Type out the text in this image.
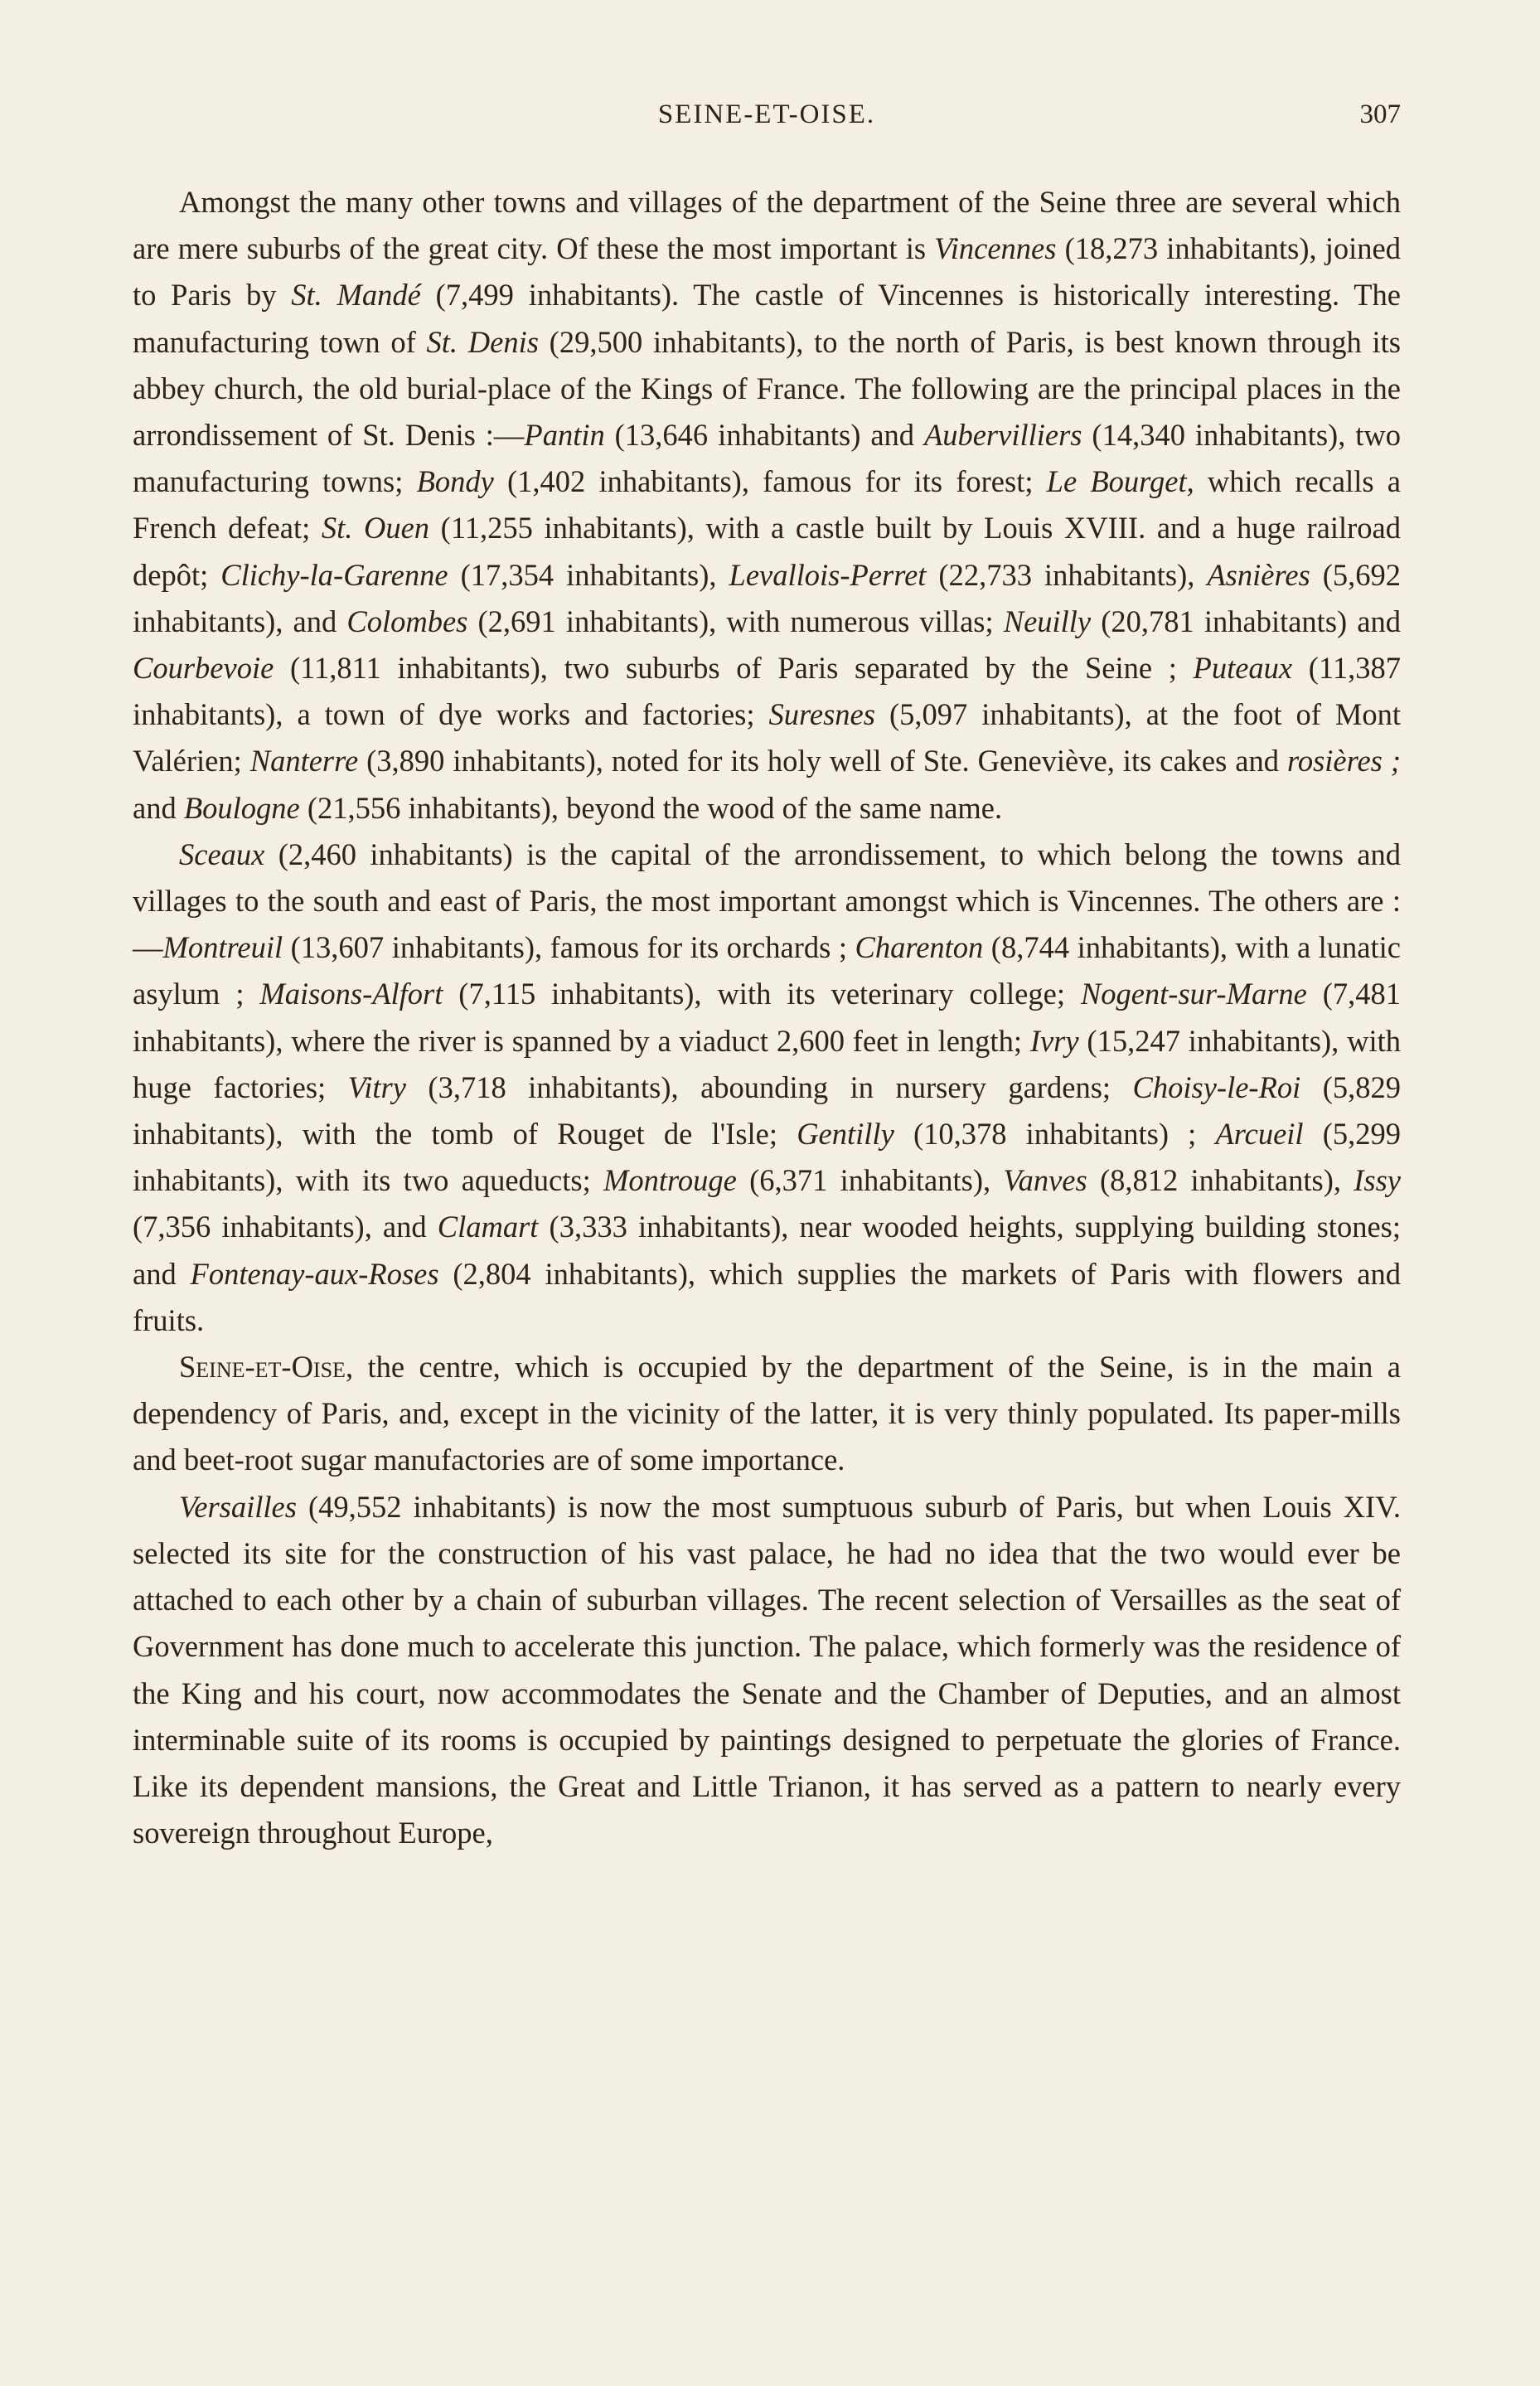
SEINE-ET-OISE.	307

Amongst the many other towns and villages of the department of the Seine three are several which are mere suburbs of the great city. Of these the most important is Vincennes (18,273 inhabitants), joined to Paris by St. Mandé (7,499 inhabitants). The castle of Vincennes is historically interesting. The manufacturing town of St. Denis (29,500 inhabitants), to the north of Paris, is best known through its abbey church, the old burial-place of the Kings of France. The following are the principal places in the arrondissement of St. Denis :—Pantin (13,646 inhabitants) and Aubervilliers (14,340 inhabitants), two manufacturing towns; Bondy (1,402 inhabitants), famous for its forest; Le Bourget, which recalls a French defeat; St. Ouen (11,255 inhabitants), with a castle built by Louis XVIII. and a huge railroad depôt; Clichy-la-Garenne (17,354 inhabitants), Levallois-Perret (22,733 inhabitants), Asnières (5,692 inhabitants), and Colombes (2,691 inhabitants), with numerous villas; Neuilly (20,781 inhabitants) and Courbevoie (11,811 inhabitants), two suburbs of Paris separated by the Seine ; Puteaux (11,387 inhabitants), a town of dye works and factories; Suresnes (5,097 inhabitants), at the foot of Mont Valérien; Nanterre (3,890 inhabitants), noted for its holy well of Ste. Geneviève, its cakes and rosières ; and Boulogne (21,556 inhabitants), beyond the wood of the same name.

Sceaux (2,460 inhabitants) is the capital of the arrondissement, to which belong the towns and villages to the south and east of Paris, the most important amongst which is Vincennes. The others are :—Montreuil (13,607 inhabitants), famous for its orchards ; Charenton (8,744 inhabitants), with a lunatic asylum ; Maisons-Alfort (7,115 inhabitants), with its veterinary college; Nogent-sur-Marne (7,481 inhabitants), where the river is spanned by a viaduct 2,600 feet in length; Ivry (15,247 inhabitants), with huge factories; Vitry (3,718 inhabitants), abounding in nursery gardens; Choisy-le-Roi (5,829 inhabitants), with the tomb of Rouget de l'Isle; Gentilly (10,378 inhabitants) ; Arcueil (5,299 inhabitants), with its two aqueducts; Montrouge (6,371 inhabitants), Vanves (8,812 inhabitants), Issy (7,356 inhabitants), and Clamart (3,333 inhabitants), near wooded heights, supplying building stones; and Fontenay-aux-Roses (2,804 inhabitants), which supplies the markets of Paris with flowers and fruits.

Seine-et-Oise, the centre, which is occupied by the department of the Seine, is in the main a dependency of Paris, and, except in the vicinity of the latter, it is very thinly populated. Its paper-mills and beet-root sugar manufactories are of some importance.

Versailles (49,552 inhabitants) is now the most sumptuous suburb of Paris, but when Louis XIV. selected its site for the construction of his vast palace, he had no idea that the two would ever be attached to each other by a chain of suburban villages. The recent selection of Versailles as the seat of Government has done much to accelerate this junction. The palace, which formerly was the residence of the King and his court, now accommodates the Senate and the Chamber of Deputies, and an almost interminable suite of its rooms is occupied by paintings designed to perpetuate the glories of France. Like its dependent mansions, the Great and Little Trianon, it has served as a pattern to nearly every sovereign throughout Europe,
